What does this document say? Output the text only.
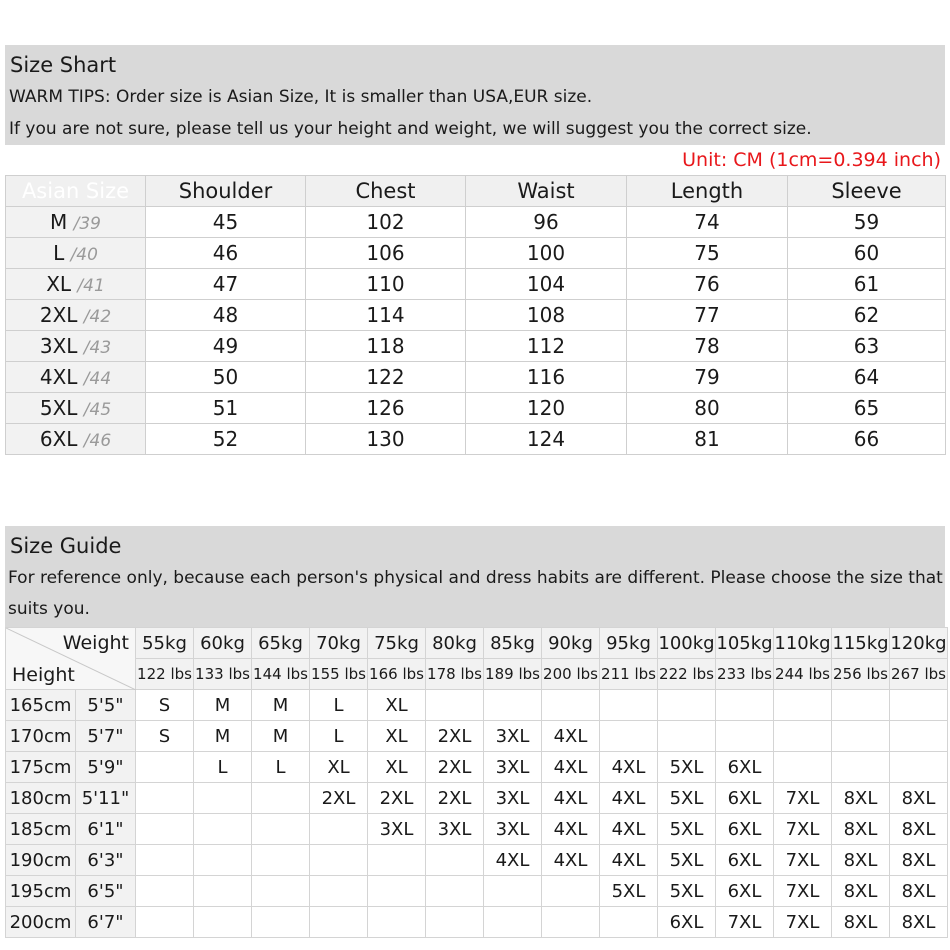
Size Shart
WARM TIPS: Order size is Asian Size, It is smaller than USA,EUR size.
If you are not sure, please tell us your height and weight, we will suggest you the correct size.
Unit: CM (1cm=0.394 inch)
Asian Size	Shoulder	Chest	Waist	Length	Sleeve
M /39	45	102	96	74	59
L /40	46	106	100	75	60
XL /41	47	110	104	76	61
2XL /42	48	114	108	77	62
3XL /43	49	118	112	78	63
4XL /44	50	122	116	79	64
5XL /45	51	126	120	80	65
6XL /46	52	130	124	81	66
Size Guide
For reference only, because each person's physical and dress habits are different. Please choose the size that suits you.
Weight
Height		55kg	60kg	65kg	70kg	75kg	80kg	85kg	90kg	95kg	100kg	105kg	110kg	115kg	120kg
		122 lbs	133 lbs	144 lbs	155 lbs	166 lbs	178 lbs	189 lbs	200 lbs	211 lbs	222 lbs	233 lbs	244 lbs	256 lbs	267 lbs
165cm	5'5"	S	M	M	L	XL									
170cm	5'7"	S	M	M	L	XL	2XL	3XL	4XL						
175cm	5'9"		L	L	XL	XL	2XL	3XL	4XL	4XL	5XL	6XL			
180cm	5'11"				2XL	2XL	2XL	3XL	4XL	4XL	5XL	6XL	7XL	8XL	8XL
185cm	6'1"					3XL	3XL	3XL	4XL	4XL	5XL	6XL	7XL	8XL	8XL
190cm	6'3"							4XL	4XL	4XL	5XL	6XL	7XL	8XL	8XL
195cm	6'5"									5XL	5XL	6XL	7XL	8XL	8XL
200cm	6'7"										6XL	7XL	7XL	8XL	8XL
